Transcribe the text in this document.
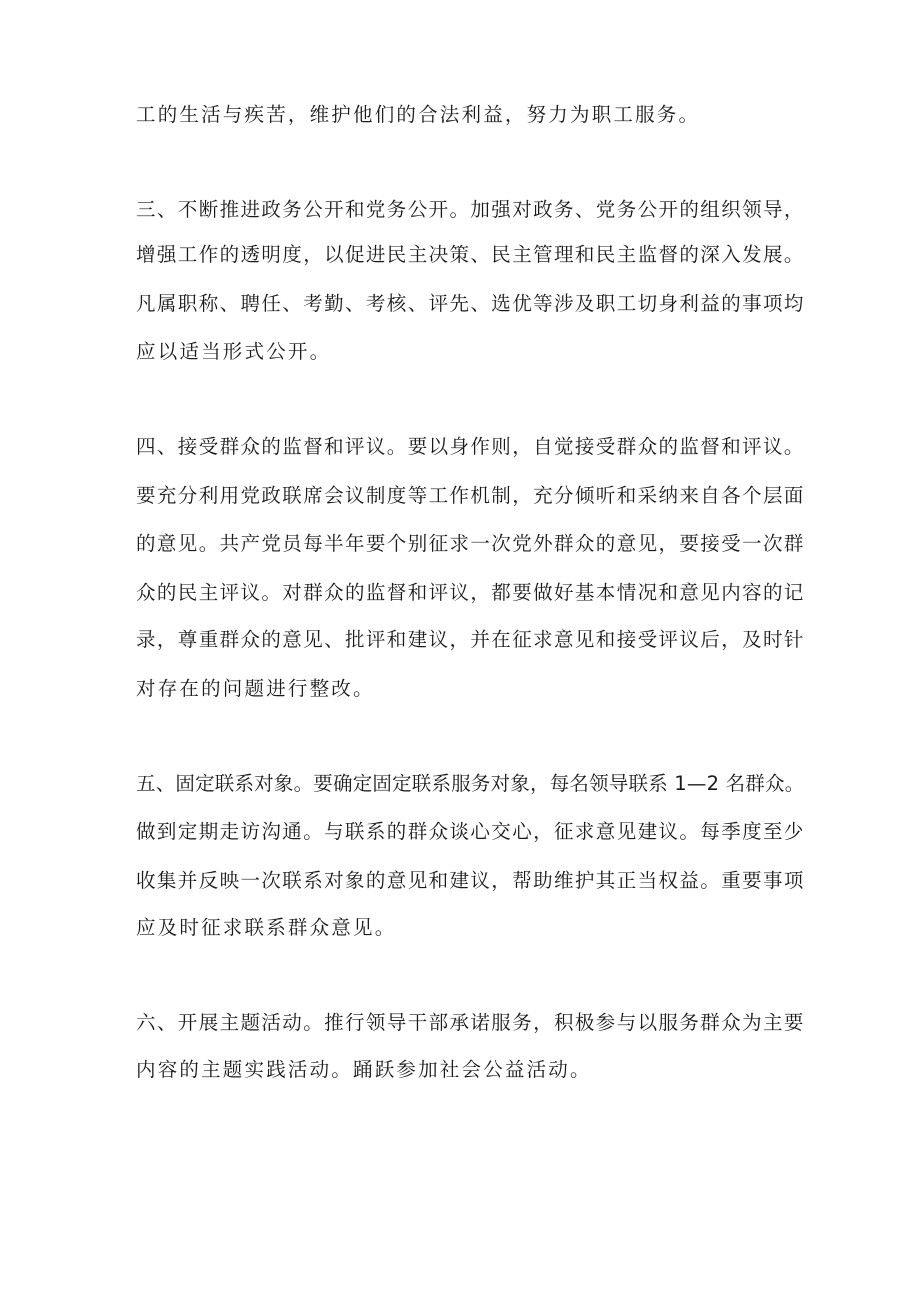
工的生活与疾苦，维护他们的合法利益，努力为职工服务。
三、不断推进政务公开和党务公开。加强对政务、党务公开的组织领导，
增强工作的透明度，以促进民主决策、民主管理和民主监督的深入发展。
凡属职称、聘任、考勤、考核、评先、选优等涉及职工切身利益的事项均
应以适当形式公开。
四、接受群众的监督和评议。要以身作则，自觉接受群众的监督和评议。
要充分利用党政联席会议制度等工作机制，充分倾听和采纳来自各个层面
的意见。共产党员每半年要个别征求一次党外群众的意见，要接受一次群
众的民主评议。对群众的监督和评议，都要做好基本情况和意见内容的记
录，尊重群众的意见、批评和建议，并在征求意见和接受评议后，及时针
对存在的问题进行整改。
五、固定联系对象。要确定固定联系服务对象，每名领导联系 1—2 名群众。
做到定期走访沟通。与联系的群众谈心交心，征求意见建议。每季度至少
收集并反映一次联系对象的意见和建议，帮助维护其正当权益。重要事项
应及时征求联系群众意见。
六、开展主题活动。推行领导干部承诺服务，积极参与以服务群众为主要
内容的主题实践活动。踊跃参加社会公益活动。
